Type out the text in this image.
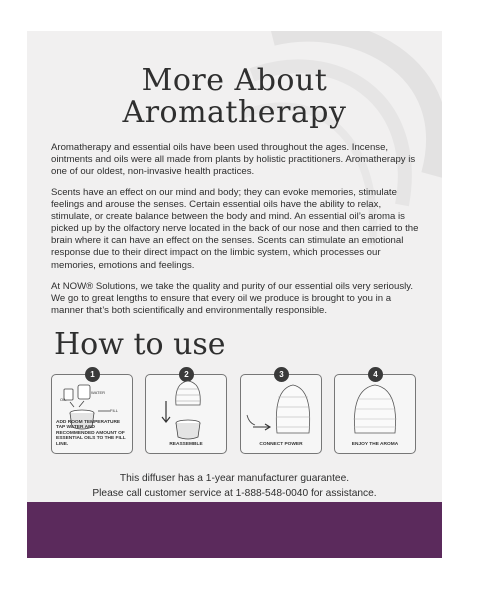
More About
Aromatherapy
Aromatherapy and essential oils have been used throughout the ages. Incense, ointments and oils were all made from plants by holistic practitioners. Aromatherapy is one of our oldest, non-invasive health practices.
Scents have an effect on our mind and body; they can evoke memories, stimulate feelings and arouse the senses. Certain essential oils have the ability to relax, stimulate, or create balance between the body and mind. An essential oil’s aroma is picked up by the olfactory nerve located in the back of our nose and then carried to the brain where it can have an effect on the senses. Scents can stimulate an emotional response due to their direct impact on the limbic system, which processes our memories, emotions and feelings.
At NOW® Solutions, we take the quality and purity of our essential oils very seriously. We go to great lengths to ensure that every oil we produce is brought to you in a manner that’s both scientifically and environmentally responsible.
How to use
1
OIL
WATER
FILL
ADD ROOM TEMPERATURE TAP WATER AND RECOMMENDED AMOUNT OF ESSENTIAL OILS TO THE FILL LINE.
2
REASSEMBLE
3
CONNECT POWER
4
ENJOY THE AROMA
This diffuser has a 1-year manufacturer guarantee.
Please call customer service at 1-888-548-0040 for assistance.
